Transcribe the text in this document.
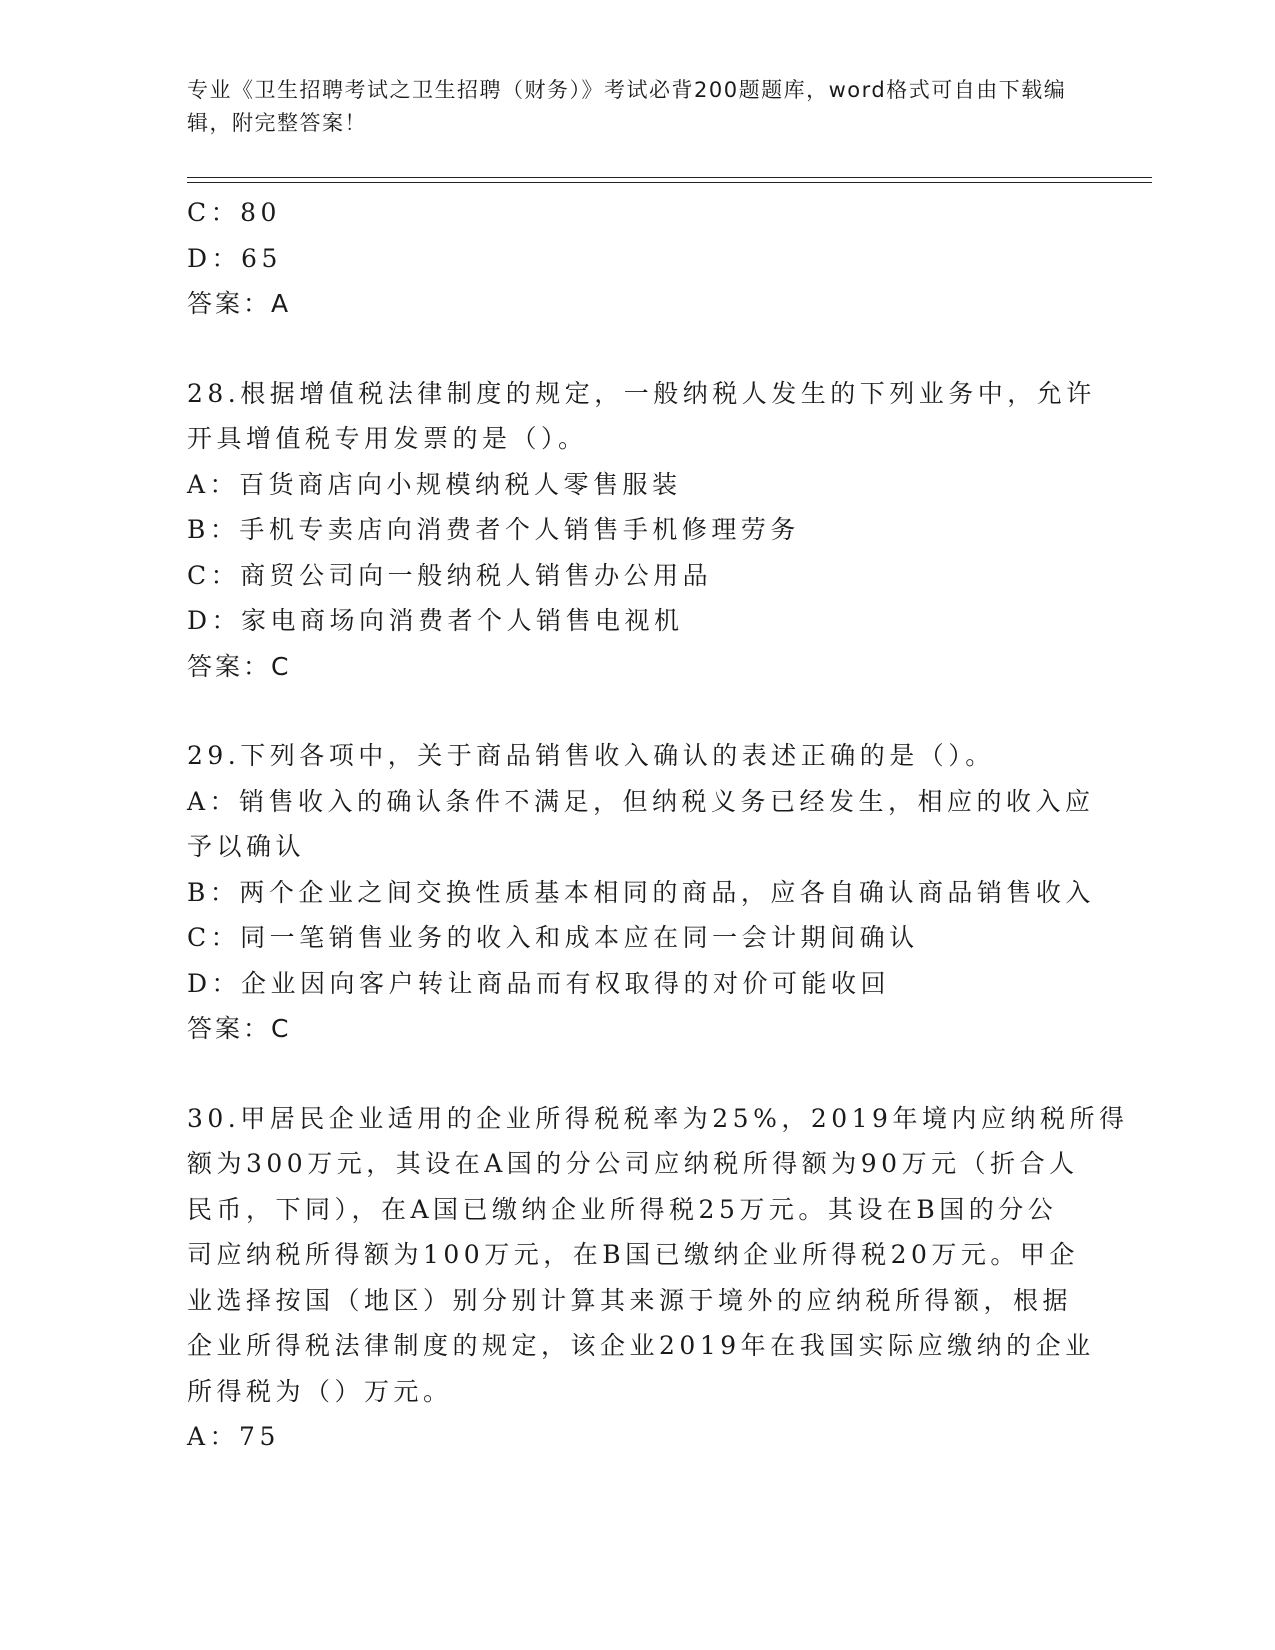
专业《卫生招聘考试之卫生招聘（财务）》考试必背200题题库，word格式可自由下载编辑，附完整答案！
C：80
D：65
答案：A
28.根据增值税法律制度的规定，一般纳税人发生的下列业务中，允许
开具增值税专用发票的是（）。
A：百货商店向小规模纳税人零售服装
B：手机专卖店向消费者个人销售手机修理劳务
C：商贸公司向一般纳税人销售办公用品
D：家电商场向消费者个人销售电视机
答案：C
29.下列各项中，关于商品销售收入确认的表述正确的是（）。
A：销售收入的确认条件不满足，但纳税义务已经发生，相应的收入应
予以确认
B：两个企业之间交换性质基本相同的商品，应各自确认商品销售收入
C：同一笔销售业务的收入和成本应在同一会计期间确认
D：企业因向客户转让商品而有权取得的对价可能收回
答案：C
30.甲居民企业适用的企业所得税税率为25%，2019年境内应纳税所得
额为300万元，其设在A国的分公司应纳税所得额为90万元（折合人
民币，下同），在A国已缴纳企业所得税25万元。其设在B国的分公
司应纳税所得额为100万元，在B国已缴纳企业所得税20万元。甲企
业选择按国（地区）别分别计算其来源于境外的应纳税所得额，根据
企业所得税法律制度的规定，该企业2019年在我国实际应缴纳的企业
所得税为（）万元。
A：75
